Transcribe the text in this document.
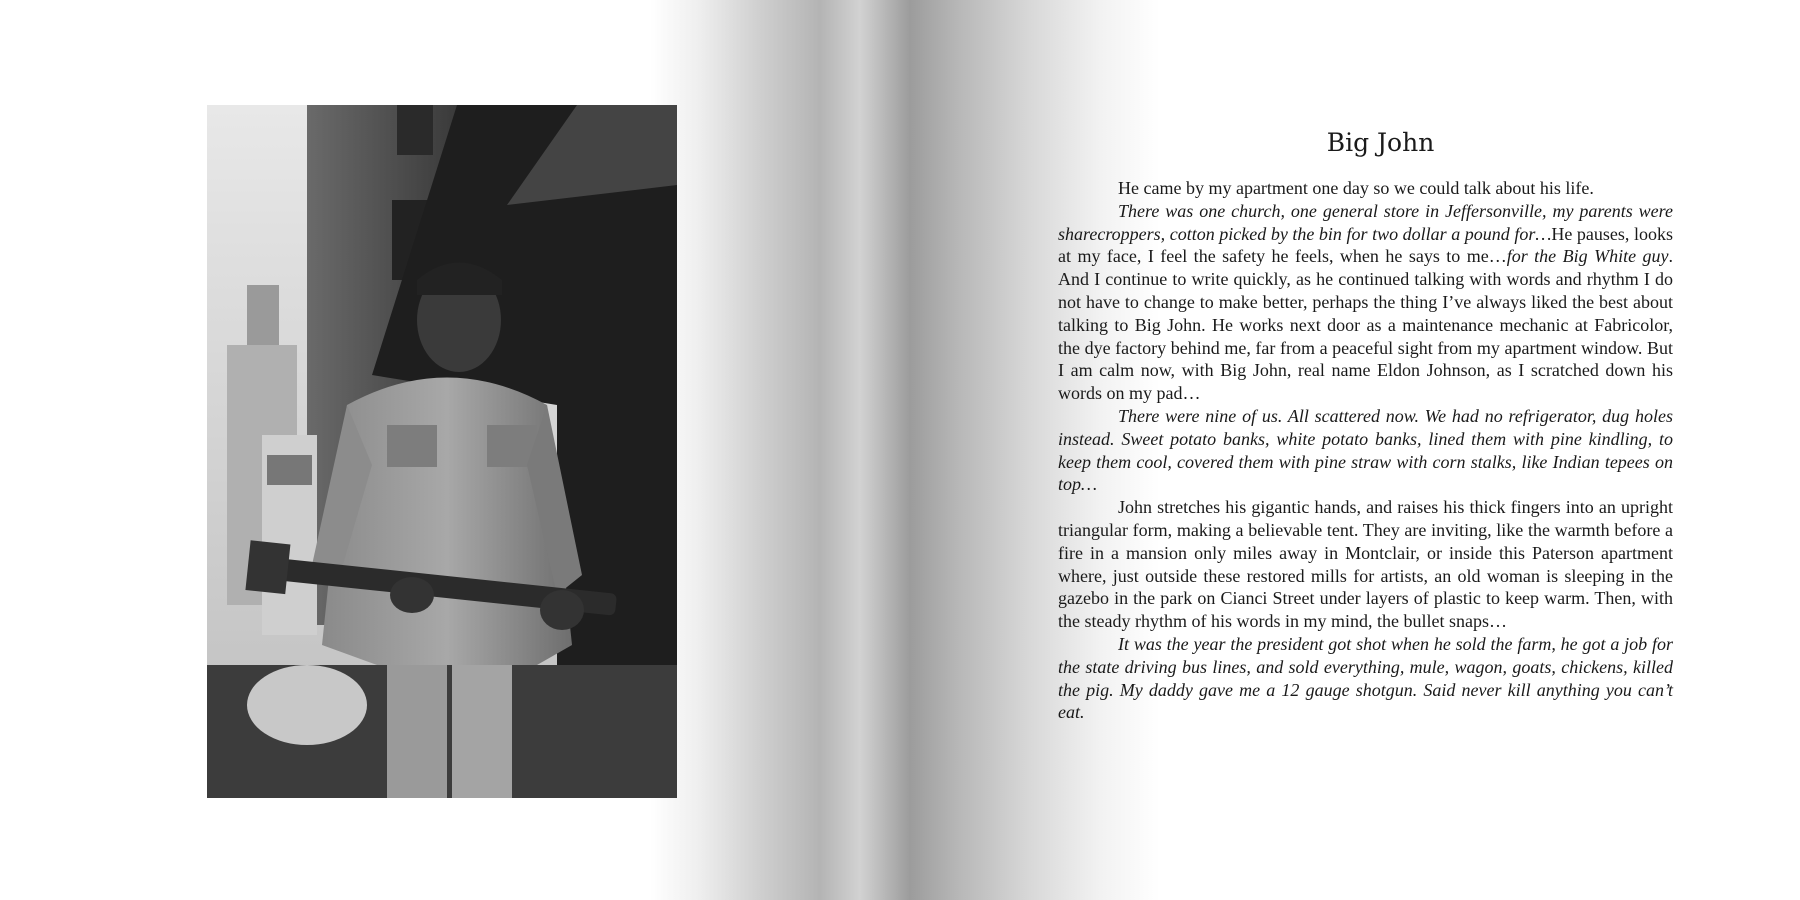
Big John

He came by my apartment one day so we could talk about his life.

There was one church, one general store in Jeffersonville, my parents were sharecroppers, cotton picked by the bin for two dollar a pound for…He pauses, looks at my face, I feel the safety he feels, when he says to me…for the Big White guy. And I continue to write quickly, as he continued talking with words and rhythm I do not have to change to make better, perhaps the thing I’ve always liked the best about talking to Big John. He works next door as a maintenance mechanic at Fabricolor, the dye factory behind me, far from a peaceful sight from my apartment window. But I am calm now, with Big John, real name Eldon Johnson, as I scratched down his words on my pad…

There were nine of us. All scattered now. We had no refrigerator, dug holes instead. Sweet potato banks, white potato banks, lined them with pine kindling, to keep them cool, covered them with pine straw with corn stalks, like Indian tepees on top…

John stretches his gigantic hands, and raises his thick fingers into an upright triangular form, making a believable tent. They are inviting, like the warmth before a fire in a mansion only miles away in Montclair, or inside this Paterson apartment where, just outside these restored mills for artists, an old woman is sleeping in the gazebo in the park on Cianci Street under layers of plastic to keep warm. Then, with the steady rhythm of his words in my mind, the bullet snaps…

It was the year the president got shot when he sold the farm, he got a job for the state driving bus lines, and sold everything, mule, wagon, goats, chickens, killed the pig. My daddy gave me a 12 gauge shotgun. Said never kill anything you can’t eat.
